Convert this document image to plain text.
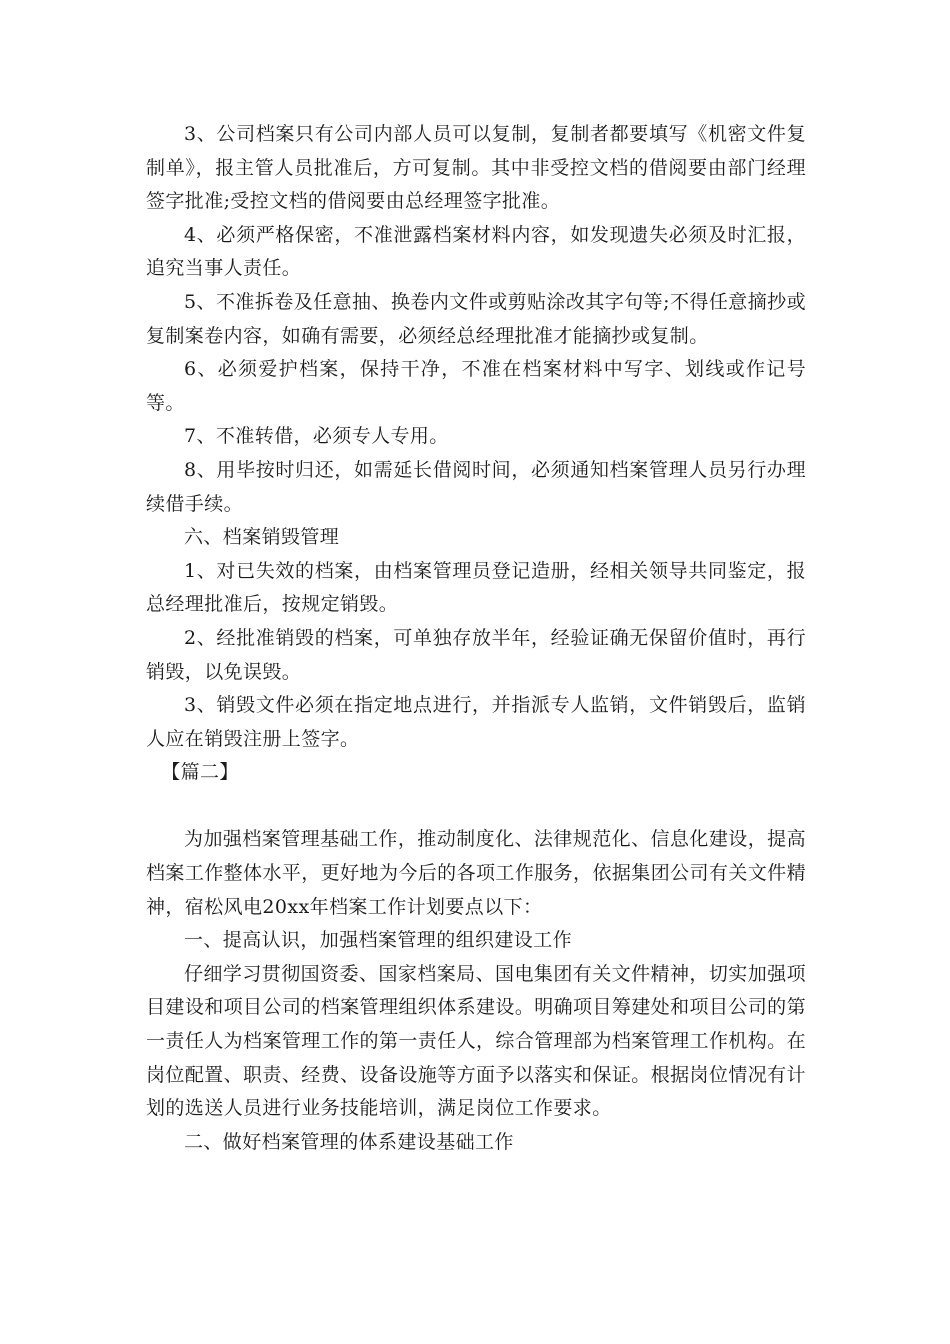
3、公司档案只有公司内部人员可以复制，复制者都要填写《机密文件复制单》，报主管人员批准后，方可复制。其中非受控文档的借阅要由部门经理签字批准;受控文档的借阅要由总经理签字批准。

4、必须严格保密，不准泄露档案材料内容，如发现遗失必须及时汇报，追究当事人责任。

5、不准拆卷及任意抽、换卷内文件或剪贴涂改其字句等;不得任意摘抄或复制案卷内容，如确有需要，必须经总经理批准才能摘抄或复制。

6、必须爱护档案，保持干净，不准在档案材料中写字、划线或作记号等。

7、不准转借，必须专人专用。

8、用毕按时归还，如需延长借阅时间，必须通知档案管理人员另行办理续借手续。

六、档案销毁管理

1、对已失效的档案，由档案管理员登记造册，经相关领导共同鉴定，报总经理批准后，按规定销毁。

2、经批准销毁的档案，可单独存放半年，经验证确无保留价值时，再行销毁，以免误毁。

3、销毁文件必须在指定地点进行，并指派专人监销，文件销毁后，监销人应在销毁注册上签字。

【篇二】

为加强档案管理基础工作，推动制度化、法律规范化、信息化建设，提高档案工作整体水平，更好地为今后的各项工作服务，依据集团公司有关文件精神，宿松风电20xx年档案工作计划要点以下：

一、提高认识，加强档案管理的组织建设工作

仔细学习贯彻国资委、国家档案局、国电集团有关文件精神，切实加强项目建设和项目公司的档案管理组织体系建设。明确项目筹建处和项目公司的第一责任人为档案管理工作的第一责任人，综合管理部为档案管理工作机构。在岗位配置、职责、经费、设备设施等方面予以落实和保证。根据岗位情况有计划的选送人员进行业务技能培训，满足岗位工作要求。

二、做好档案管理的体系建设基础工作
